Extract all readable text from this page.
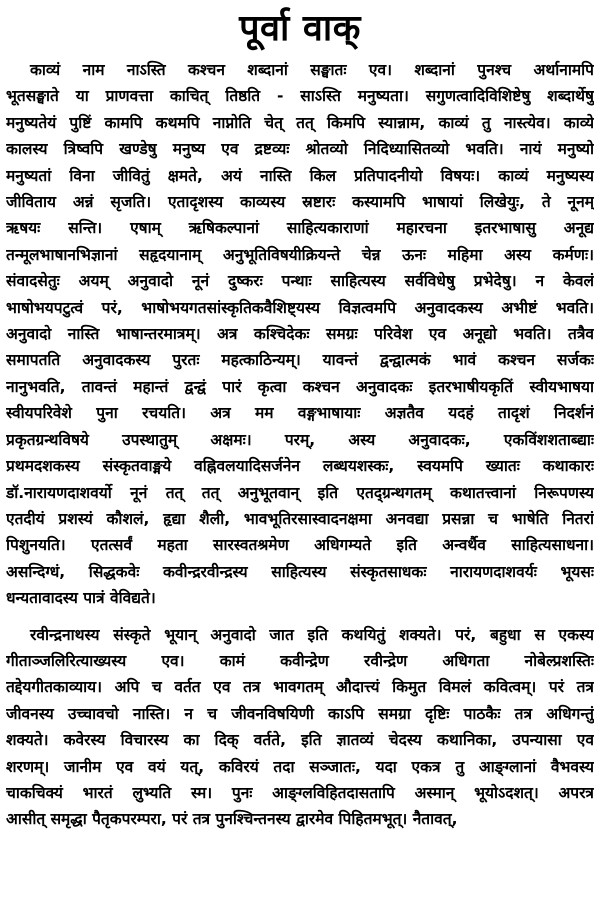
पूर्वा वाक्
काव्यं नाम नाऽस्ति कश्चन शब्दानां सङ्घातः एव। शब्दानां पुनश्च अर्थानामपि
भूतसङ्घाते या प्राणवत्ता काचित् तिष्ठति - साऽस्ति मनुष्यता। सगुणत्वादिविशिष्टेषु शब्दार्थेषु
मनुष्यतेयं पुष्टिं कामपि कथमपि नाप्नोति चेत् तत् किमपि स्यान्नाम, काव्यं तु नास्त्येव। काव्ये
कालस्य त्रिष्वपि खण्डेषु मनुष्य एव द्रष्टव्यः श्रोतव्यो निदिध्यासितव्यो भवति। नायं मनुष्यो
मनुष्यतां विना जीवितुं क्षमते, अयं नास्ति किल प्रतिपादनीयो विषयः। काव्यं मनुष्यस्य
जीविताय अन्नं सृजति। एतादृशस्य काव्यस्य स्रष्टारः कस्यामपि भाषायां लिखेयुः, ते नूनम्
ऋषयः सन्ति। एषाम् ऋषिकल्पानां साहित्यकाराणां महारचना इतरभाषासु अनूद्य
तन्मूलभाषानभिज्ञानां सहृदयानाम् अनुभूतिविषयीक्रियन्ते चेन्न ऊनः महिमा अस्य कर्मणः।
संवादसेतुः अयम् अनुवादो नूनं दुष्करः पन्थाः साहित्यस्य सर्वविधेषु प्रभेदेषु। न केवलं
भाषोभयपटुत्वं परं, भाषोभयगतसांस्कृतिकवैशिष्ट्यस्य विज्ञत्वमपि अनुवादकस्य अभीष्टं भवति।
अनुवादो नास्ति भाषान्तरमात्रम्। अत्र कश्चिदेकः समग्रः परिवेश एव अनूद्यो भवति। तत्रैव
समापतति अनुवादकस्य पुरतः महत्काठिन्यम्। यावन्तं द्वन्द्वात्मकं भावं कश्चन सर्जकः
नानुभवति, तावन्तं महान्तं द्वन्द्वं पारं कृत्वा कश्चन अनुवादकः इतरभाषीयकृतिं स्वीयभाषया
स्वीयपरिवेशे पुना रचयति। अत्र मम वङ्गभाषायाः अज्ञतैव यदहं तादृशं निदर्शनं
प्रकृतग्रन्थविषये उपस्थातुम् अक्षमः। परम्, अस्य अनुवादकः, एकविंशशताब्द्याः
प्रथमदशकस्य संस्कृतवाङ्मये वह्निवलयादिसर्जनेन लब्धयशस्कः, स्वयमपि ख्यातः कथाकारः
डॉ.नारायणदाशवर्यो नूनं तत् तत् अनुभूतवान् इति एतद्ग्रन्थगतम् कथातत्त्वानां निरूपणस्य
एतदीयं प्रशस्यं कौशलं, हृद्या शैली, भावभूतिरसास्वादनक्षमा अनवद्या प्रसन्ना च भाषेति नितरां
पिशुनयति। एतत्सर्वं महता सारस्वतश्रमेण अधिगम्यते इति अन्वर्थैव साहित्यसाधना।
असन्दिग्धं, सिद्धकवेः कवीन्द्ररवीन्द्रस्य साहित्यस्य संस्कृतसाधकः नारायणदाशवर्यः भूयसः
धन्यतावादस्य पात्रं वेविद्यते।
रवीन्द्रनाथस्य संस्कृते भूयान् अनुवादो जात इति कथयितुं शक्यते। परं, बहुधा स एकस्य
गीताञ्जलिरित्याख्यस्य एव। कामं कवीन्द्रेण रवीन्द्रेण अधिगता नोबेल्प्रशस्तिः
तद्देयगीतकाव्याय। अपि च वर्तत एव तत्र भावगतम् औदात्त्यं किमुत विमलं कवित्वम्। परं तत्र
जीवनस्य उच्चावचो नास्ति। न च जीवनविषयिणी काऽपि समग्रा दृष्टिः पाठकैः तत्र अधिगन्तुं
शक्यते। कवेरस्य विचारस्य का दिक् वर्तते, इति ज्ञातव्यं चेदस्य कथानिका, उपन्यासा एव
शरणम्। जानीम एव वयं यत्, कविरयं तदा सञ्जातः, यदा एकत्र तु आङ्ग्लानां वैभवस्य
चाकचिक्यं भारतं लुभ्यति स्म। पुनः आङ्ग्लविहितदासतापि अस्मान् भूयोऽदशत्। अपरत्र
आसीत् समृद्धा पैतृकपरम्परा, परं तत्र पुनश्चिन्तनस्य द्वारमेव पिहितमभूत्। नैतावत्,
